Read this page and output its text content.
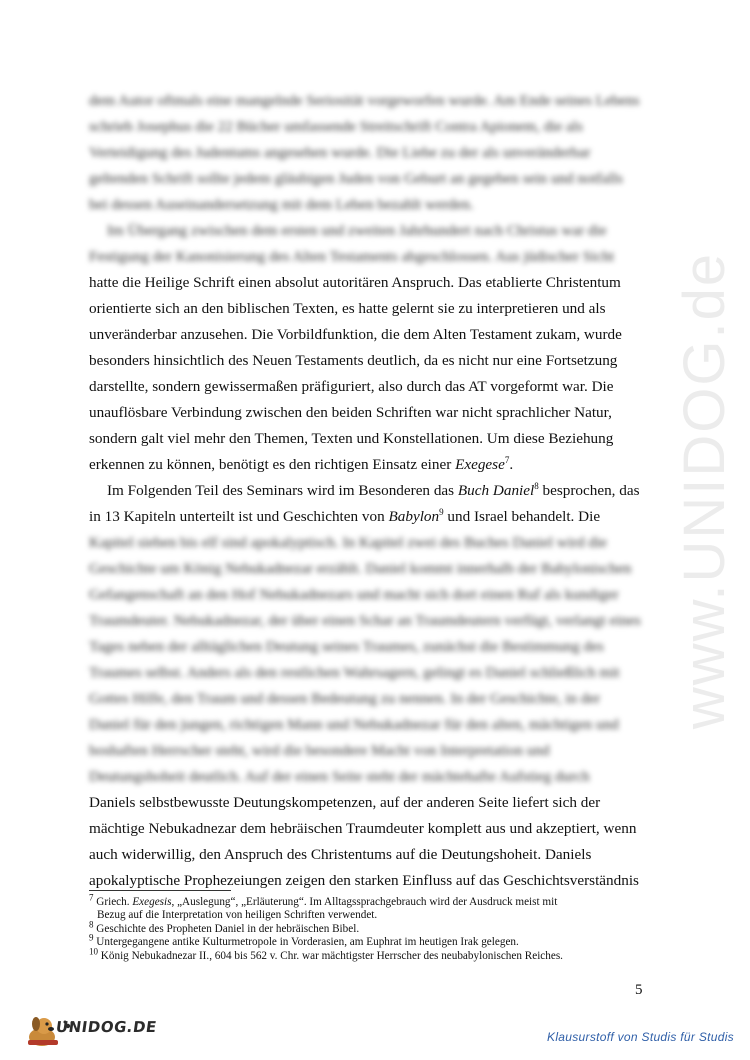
www.UNIDOG.de
dem Autor oftmals eine mangelnde Seriosität vorgeworfen wurde. Am Ende seines Lebens
schrieb Josephus die 22 Bücher umfassende Streitschrift Contra Apionem, die als
Verteidigung des Judentums angesehen wurde. Die Liebe zu der als unveränderbar
geltenden Schrift sollte jedem gläubigen Juden von Geburt an gegeben sein und notfalls
bei dessen Auseinandersetzung mit dem Leben bezahlt werden.
Im Übergang zwischen dem ersten und zweiten Jahrhundert nach Christus war die
Festigung der Kanonisierung des Alten Testaments abgeschlossen. Aus jüdischer Sicht
hatte die Heilige Schrift einen absolut autoritären Anspruch. Das etablierte Christentum
orientierte sich an den biblischen Texten, es hatte gelernt sie zu interpretieren und als
unveränderbar anzusehen. Die Vorbildfunktion, die dem Alten Testament zukam, wurde
besonders hinsichtlich des Neuen Testaments deutlich, da es nicht nur eine Fortsetzung
darstellte, sondern gewissermaßen präfiguriert, also durch das AT vorgeformt war. Die
unauflösbare Verbindung zwischen den beiden Schriften war nicht sprachlicher Natur,
sondern galt viel mehr den Themen, Texten und Konstellationen. Um diese Beziehung
erkennen zu können, benötigt es den richtigen Einsatz einer Exegese$^7$.
Im Folgenden Teil des Seminars wird im Besonderen das Buch Daniel$^8$ besprochen, das
in 13 Kapiteln unterteilt ist und Geschichten von Babylon$^9$ und Israel behandelt. Die
Kapitel sieben bis elf sind apokalyptisch. In Kapitel zwei des Buches Daniel wird die
Geschichte um König Nebukadnezar erzählt. Daniel kommt innerhalb der Babylonischen
Gefangenschaft an den Hof Nebukadnezars und macht sich dort einen Ruf als kundiger
Traumdeuter. Nebukadnezar, der über einen Schar an Traumdeutern verfügt, verlangt eines
Tages neben der alltäglichen Deutung seines Traumes, zunächst die Bestimmung des
Traumes selbst. Anders als den restlichen Wahrsagern, gelingt es Daniel schließlich mit
Gottes Hilfe, den Traum und dessen Bedeutung zu nennen. In der Geschichte, in der
Daniel für den jungen, richtigen Mann und Nebukadnezar für den alten, mächtigen und
boshaften Herrscher steht, wird die besondere Macht von Interpretation und
Deutungshoheit deutlich. Auf der einen Seite steht der mächtehafte Aufstieg durch
Daniels selbstbewusste Deutungskompetenzen, auf der anderen Seite liefert sich der
mächtige Nebukadnezar dem hebräischen Traumdeuter komplett aus und akzeptiert, wenn
auch widerwillig, den Anspruch des Christentums auf die Deutungshoheit. Daniels
apokalyptische Prophezeiungen zeigen den starken Einfluss auf das Geschichtsverständnis
$^7$ Griech. Exegesis, „Auslegung“, „Erläuterung“. Im Alltagssprachgebrauch wird der Ausdruck meist mit
Bezug auf die Interpretation von heiligen Schriften verwendet.
$^8$ Geschichte des Propheten Daniel in der hebräischen Bibel.
$^9$ Untergegangene antike Kulturmetropole in Vorderasien, am Euphrat im heutigen Irak gelegen.
$^{10}$ König Nebukadnezar II., 604 bis 562 v. Chr. war mächtigster Herrscher des neubabylonischen Reiches.
5
UNIDOG.DE
Klausurstoff von Studis für Studis
